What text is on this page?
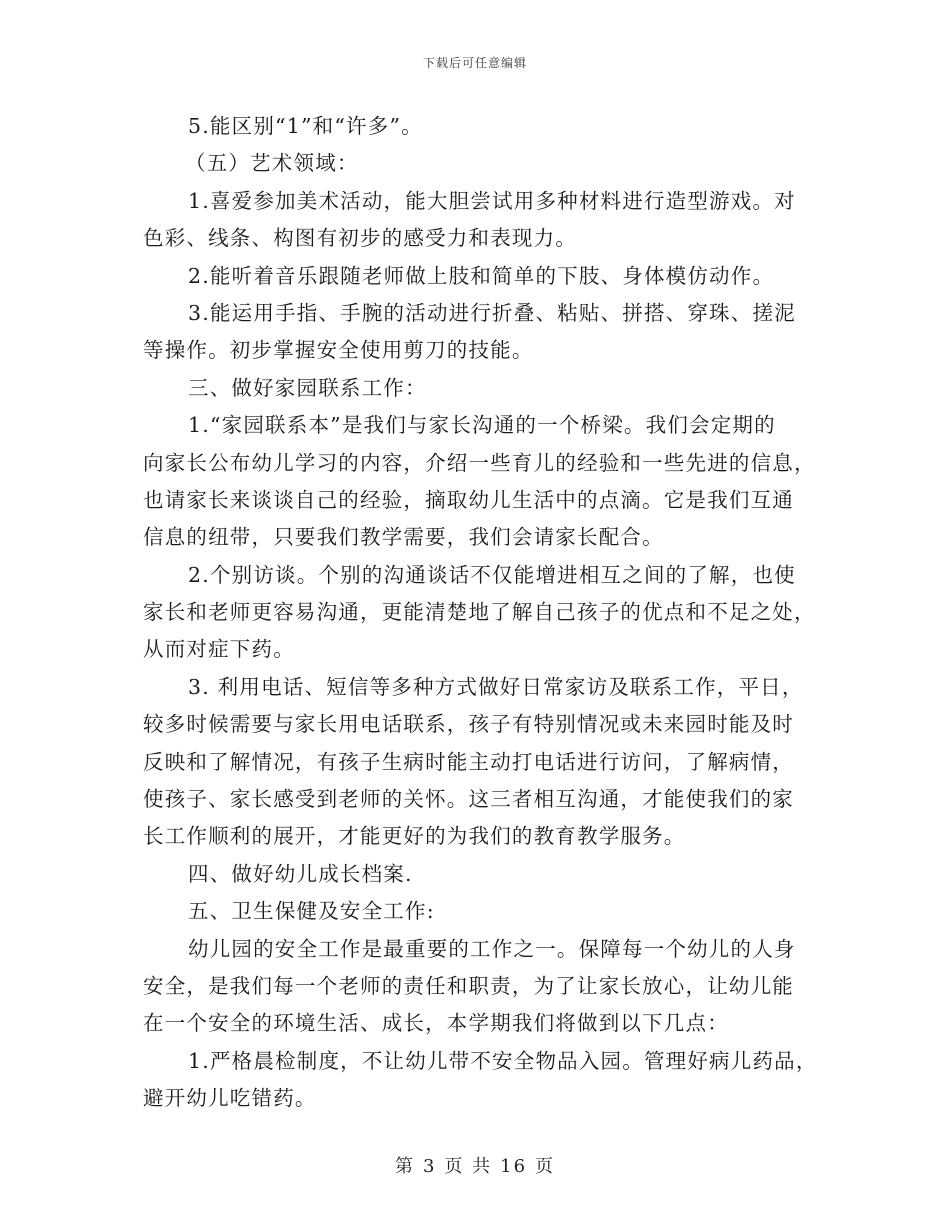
下载后可任意编辑
5.能区别“1”和“许多”。
（五）艺术领域：
1.喜爱参加美术活动，能大胆尝试用多种材料进行造型游戏。对
色彩、线条、构图有初步的感受力和表现力。
2.能听着音乐跟随老师做上肢和简单的下肢、身体模仿动作。
3.能运用手指、手腕的活动进行折叠、粘贴、拼搭、穿珠、搓泥
等操作。初步掌握安全使用剪刀的技能。
三、做好家园联系工作：
1.“家园联系本”是我们与家长沟通的一个桥梁。我们会定期的
向家长公布幼儿学习的内容，介绍一些育儿的经验和一些先进的信息，
也请家长来谈谈自己的经验，摘取幼儿生活中的点滴。它是我们互通
信息的纽带，只要我们教学需要，我们会请家长配合。
2.个别访谈。个别的沟通谈话不仅能增进相互之间的了解，也使
家长和老师更容易沟通，更能清楚地了解自己孩子的优点和不足之处，
从而对症下药。
3. 利用电话、短信等多种方式做好日常家访及联系工作，平日，
较多时候需要与家长用电话联系，孩子有特别情况或未来园时能及时
反映和了解情况，有孩子生病时能主动打电话进行访问，了解病情，
使孩子、家长感受到老师的关怀。这三者相互沟通，才能使我们的家
长工作顺利的展开，才能更好的为我们的教育教学服务。
四、做好幼儿成长档案.
五、卫生保健及安全工作:
幼儿园的安全工作是最重要的工作之一。保障每一个幼儿的人身
安全，是我们每一个老师的责任和职责，为了让家长放心，让幼儿能
在一个安全的环境生活、成长，本学期我们将做到以下几点：
1.严格晨检制度，不让幼儿带不安全物品入园。管理好病儿药品，
避开幼儿吃错药。
第 3 页 共 16 页
